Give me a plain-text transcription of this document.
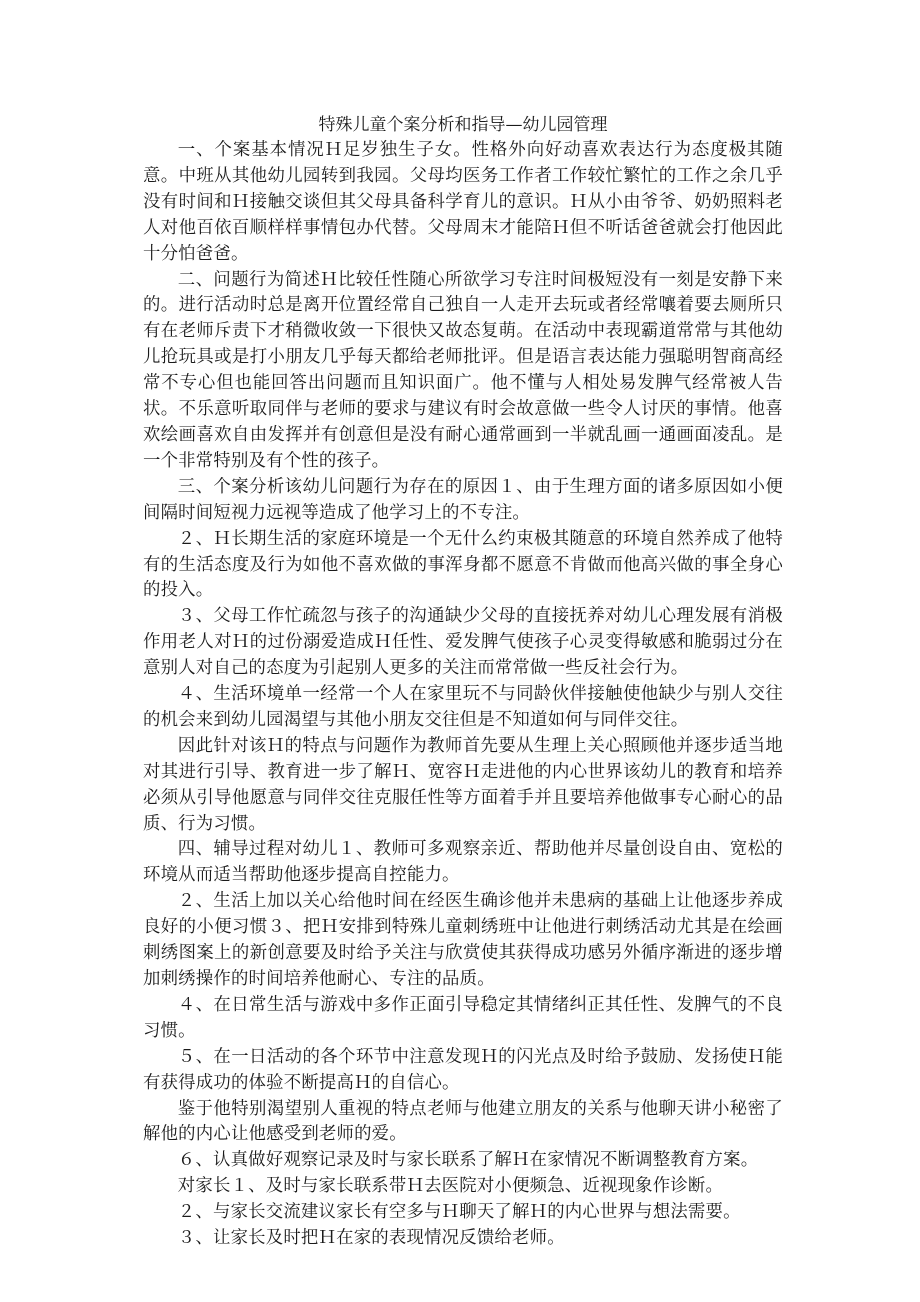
特殊儿童个案分析和指导—幼儿园管理

一、个案基本情况Ｈ足岁独生子女。性格外向好动喜欢表达行为态度极其随意。中班从其他幼儿园转到我园。父母均医务工作者工作较忙繁忙的工作之余几乎没有时间和Ｈ接触交谈但其父母具备科学育儿的意识。Ｈ从小由爷爷、奶奶照料老人对他百依百顺样样事情包办代替。父母周末才能陪Ｈ但不听话爸爸就会打他因此十分怕爸爸。

二、问题行为简述Ｈ比较任性随心所欲学习专注时间极短没有一刻是安静下来的。进行活动时总是离开位置经常自己独自一人走开去玩或者经常嚷着要去厕所只有在老师斥责下才稍微收敛一下很快又故态复萌。在活动中表现霸道常常与其他幼儿抢玩具或是打小朋友几乎每天都给老师批评。但是语言表达能力强聪明智商高经常不专心但也能回答出问题而且知识面广。他不懂与人相处易发脾气经常被人告状。不乐意听取同伴与老师的要求与建议有时会故意做一些令人讨厌的事情。他喜欢绘画喜欢自由发挥并有创意但是没有耐心通常画到一半就乱画一通画面凌乱。是一个非常特别及有个性的孩子。

三、个案分析该幼儿问题行为存在的原因１、由于生理方面的诸多原因如小便间隔时间短视力远视等造成了他学习上的不专注。

２、Ｈ长期生活的家庭环境是一个无什么约束极其随意的环境自然养成了他特有的生活态度及行为如他不喜欢做的事浑身都不愿意不肯做而他高兴做的事全身心的投入。

３、父母工作忙疏忽与孩子的沟通缺少父母的直接抚养对幼儿心理发展有消极作用老人对Ｈ的过份溺爱造成Ｈ任性、爱发脾气使孩子心灵变得敏感和脆弱过分在意别人对自己的态度为引起别人更多的关注而常常做一些反社会行为。

４、生活环境单一经常一个人在家里玩不与同龄伙伴接触使他缺少与别人交往的机会来到幼儿园渴望与其他小朋友交往但是不知道如何与同伴交往。

因此针对该Ｈ的特点与问题作为教师首先要从生理上关心照顾他并逐步适当地对其进行引导、教育进一步了解Ｈ、宽容Ｈ走进他的内心世界该幼儿的教育和培养必须从引导他愿意与同伴交往克服任性等方面着手并且要培养他做事专心耐心的品质、行为习惯。

四、辅导过程对幼儿１、教师可多观察亲近、帮助他并尽量创设自由、宽松的环境从而适当帮助他逐步提高自控能力。

２、生活上加以关心给他时间在经医生确诊他并未患病的基础上让他逐步养成良好的小便习惯３、把Ｈ安排到特殊儿童刺绣班中让他进行刺绣活动尤其是在绘画刺绣图案上的新创意要及时给予关注与欣赏使其获得成功感另外循序渐进的逐步增加刺绣操作的时间培养他耐心、专注的品质。

４、在日常生活与游戏中多作正面引导稳定其情绪纠正其任性、发脾气的不良习惯。

５、在一日活动的各个环节中注意发现Ｈ的闪光点及时给予鼓励、发扬使Ｈ能有获得成功的体验不断提高Ｈ的自信心。

鉴于他特别渴望别人重视的特点老师与他建立朋友的关系与他聊天讲小秘密了解他的内心让他感受到老师的爱。

６、认真做好观察记录及时与家长联系了解Ｈ在家情况不断调整教育方案。

对家长１、及时与家长联系带Ｈ去医院对小便频急、近视现象作诊断。

２、与家长交流建议家长有空多与Ｈ聊天了解Ｈ的内心世界与想法需要。

３、让家长及时把Ｈ在家的表现情况反馈给老师。
